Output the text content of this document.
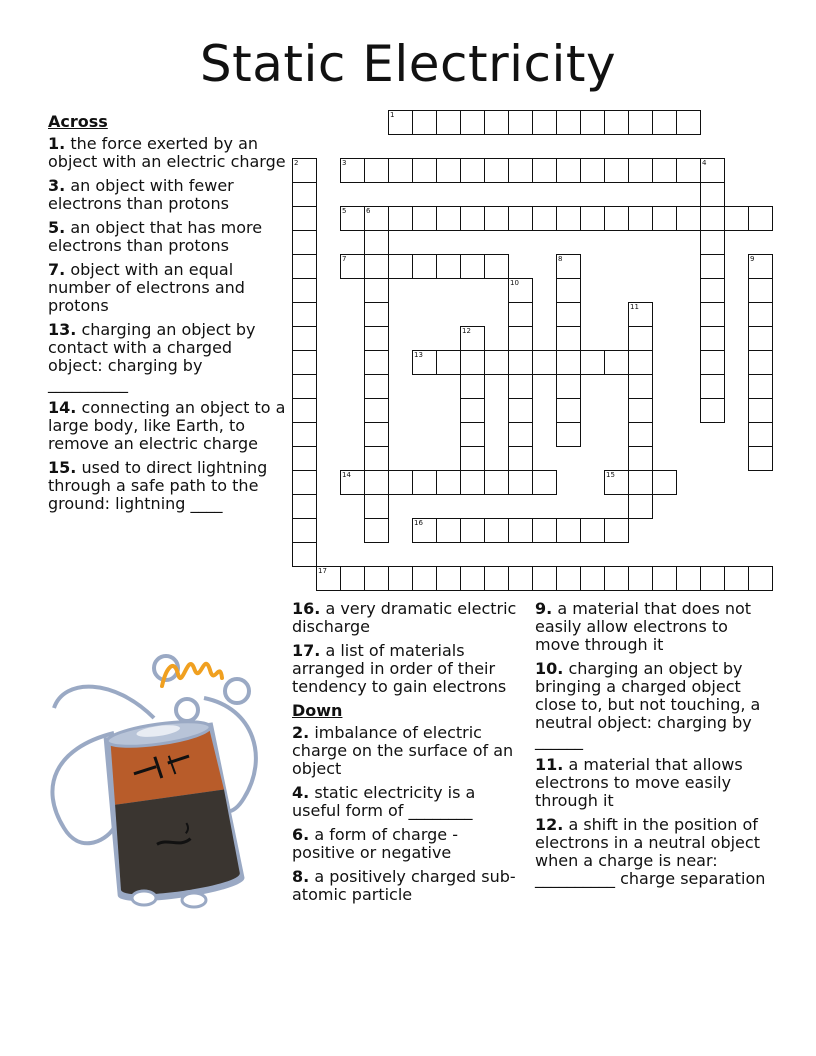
Static Electricity
Across
1. the force exerted by an object with an electric charge
3. an object with fewer electrons than protons
5. an object that has more electrons than protons
7. object with an equal number of electrons and protons
13. charging an object by contact with a charged object: charging by __________
14. connecting an object to a large body, like Earth, to remove an electric charge
15. used to direct lightning through a safe path to the ground: lightning ____
16. a very dramatic electric discharge
17. a list of materials arranged in order of their tendency to gain electrons
Down
2. imbalance of electric charge on the surface of an object
4. static electricity is a useful form of ________
6. a form of charge - positive or negative
8. a positively charged sub-atomic particle
9. a material that does not easily allow electrons to move through it
10. charging an object by bringing a charged object close to, but not touching, a neutral object: charging by ______
11. a material that allows electrons to move easily through it
12. a shift in the position of electrons in a neutral object when a charge is near: __________ charge separation
1
2	3	4
5	6
7	8	9
10
11
12
13
14	15
16
17
